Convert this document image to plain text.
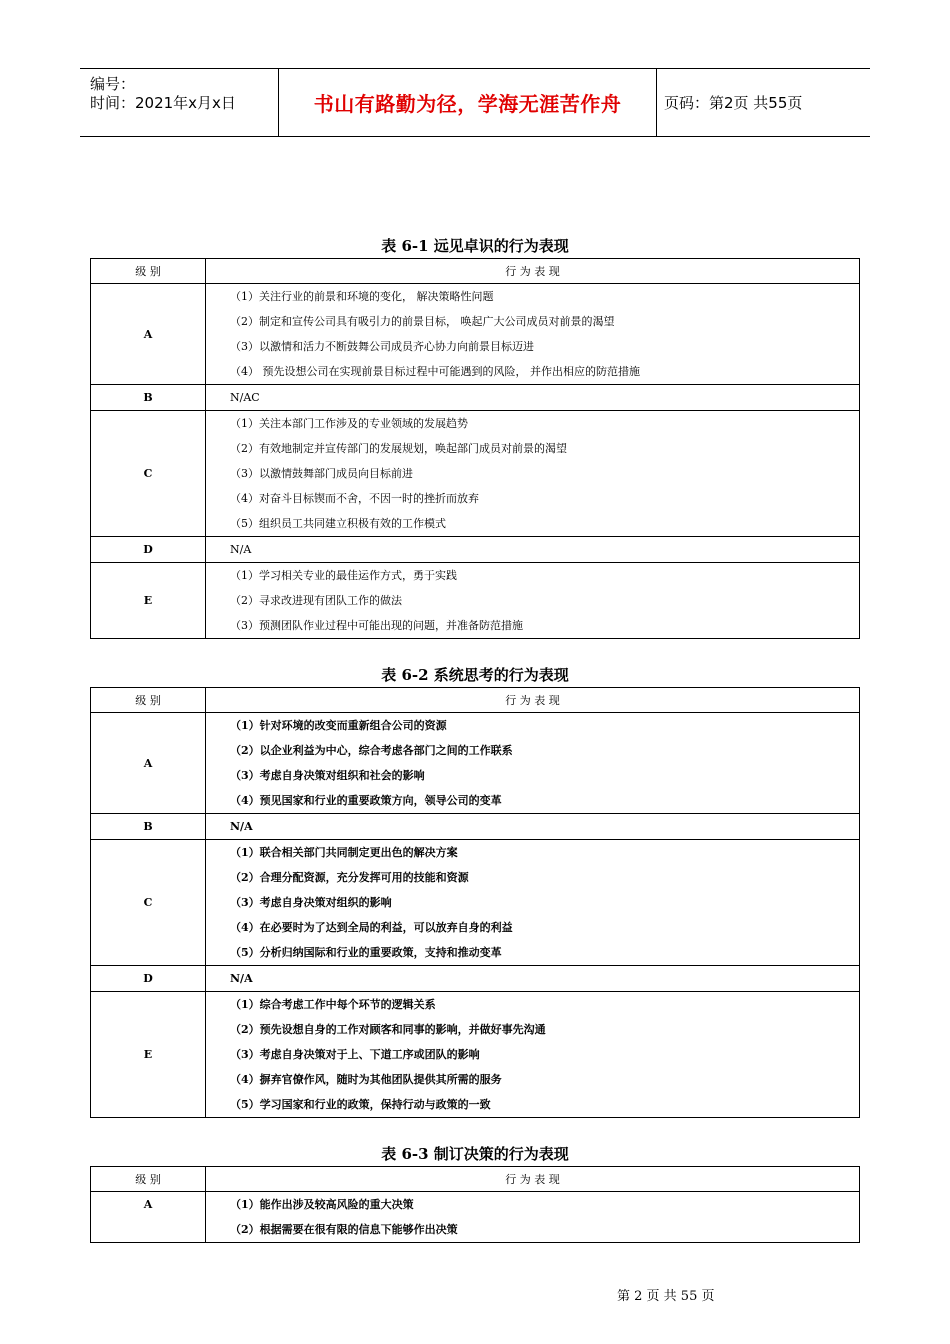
编号：
时间：2021年x月x日	书山有路勤为径，学海无涯苦作舟	页码：第2页 共55页
表 6-1 远见卓识的行为表现
级 别	行 为 表 现
A	（1）关注行业的前景和环境的变化， 解决策略性问题
（2）制定和宣传公司具有吸引力的前景目标， 唤起广大公司成员对前景的渴望
（3）以激情和活力不断鼓舞公司成员齐心协力向前景目标迈进
（4） 预先设想公司在实现前景目标过程中可能遇到的风险， 并作出相应的防范措施

B	N/AC

C	（1）关注本部门工作涉及的专业领域的发展趋势
（2）有效地制定并宣传部门的发展规划，唤起部门成员对前景的渴望
（3）以激情鼓舞部门成员向目标前进
（4）对奋斗目标锲而不舍，不因一时的挫折而放弃
（5）组织员工共同建立积极有效的工作模式

D	N/A

E	（1）学习相关专业的最佳运作方式，勇于实践
（2）寻求改进现有团队工作的做法
（3）预测团队作业过程中可能出现的问题，并准备防范措施
表 6-2 系统思考的行为表现
级 别	行 为 表 现
A	（1）针对环境的改变而重新组合公司的资源
（2）以企业利益为中心，综合考虑各部门之间的工作联系
（3）考虑自身决策对组织和社会的影响
（4）预见国家和行业的重要政策方向，领导公司的变革

B	N/A

C	（1）联合相关部门共同制定更出色的解决方案
（2）合理分配资源，充分发挥可用的技能和资源
（3）考虑自身决策对组织的影响
（4）在必要时为了达到全局的利益，可以放弃自身的利益
（5）分析归纳国际和行业的重要政策，支持和推动变革

D	N/A

E	（1）综合考虑工作中每个环节的逻辑关系
（2）预先设想自身的工作对顾客和同事的影响，并做好事先沟通
（3）考虑自身决策对于上、下道工序或团队的影响
（4）摒弃官僚作风，随时为其他团队提供其所需的服务
（5）学习国家和行业的政策，保持行动与政策的一致
表 6-3 制订决策的行为表现
级 别	行 为 表 现
A	（1）能作出涉及较高风险的重大决策
（2）根据需要在很有限的信息下能够作出决策
第 2 页 共 55 页
